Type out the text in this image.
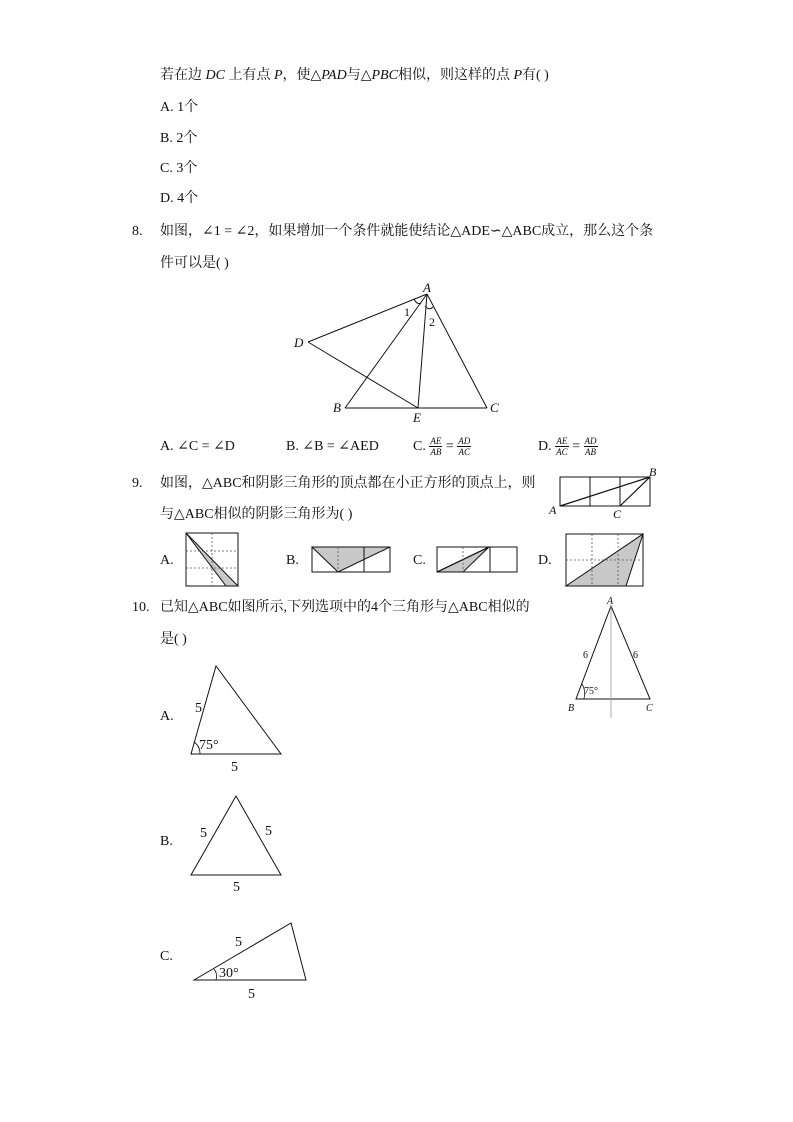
若在边 DC 上有点 P，使△PAD与△PBC相似，则这样的点 P有( )
A. 1个
B. 2个
C. 3个
D. 4个
8. 如图，∠1 = ∠2，如果增加一个条件就能使结论△ADE∽△ABC成立，那么这个条
件可以是( )
A
D
B
E
C
1
2
A. ∠C = ∠D	B. ∠B = ∠AED C. $\frac{AE}{AB} = \frac{AD}{AC}$	D. $\frac{AE}{AC} = \frac{AD}{AB}$
9. 如图，△ABC和阴影三角形的顶点都在小正方形的顶点上，则
与△ABC相似的阴影三角形为( )	A
B
C
A.	B.	C.	D.
10. 已知△ABC如图所示,下列选项中的4个三角形与△ABC相似的
是( )
A
B	C
6	6
75°
5
5
75°
5	5
5
5
30°
5
A.
B.
C.
